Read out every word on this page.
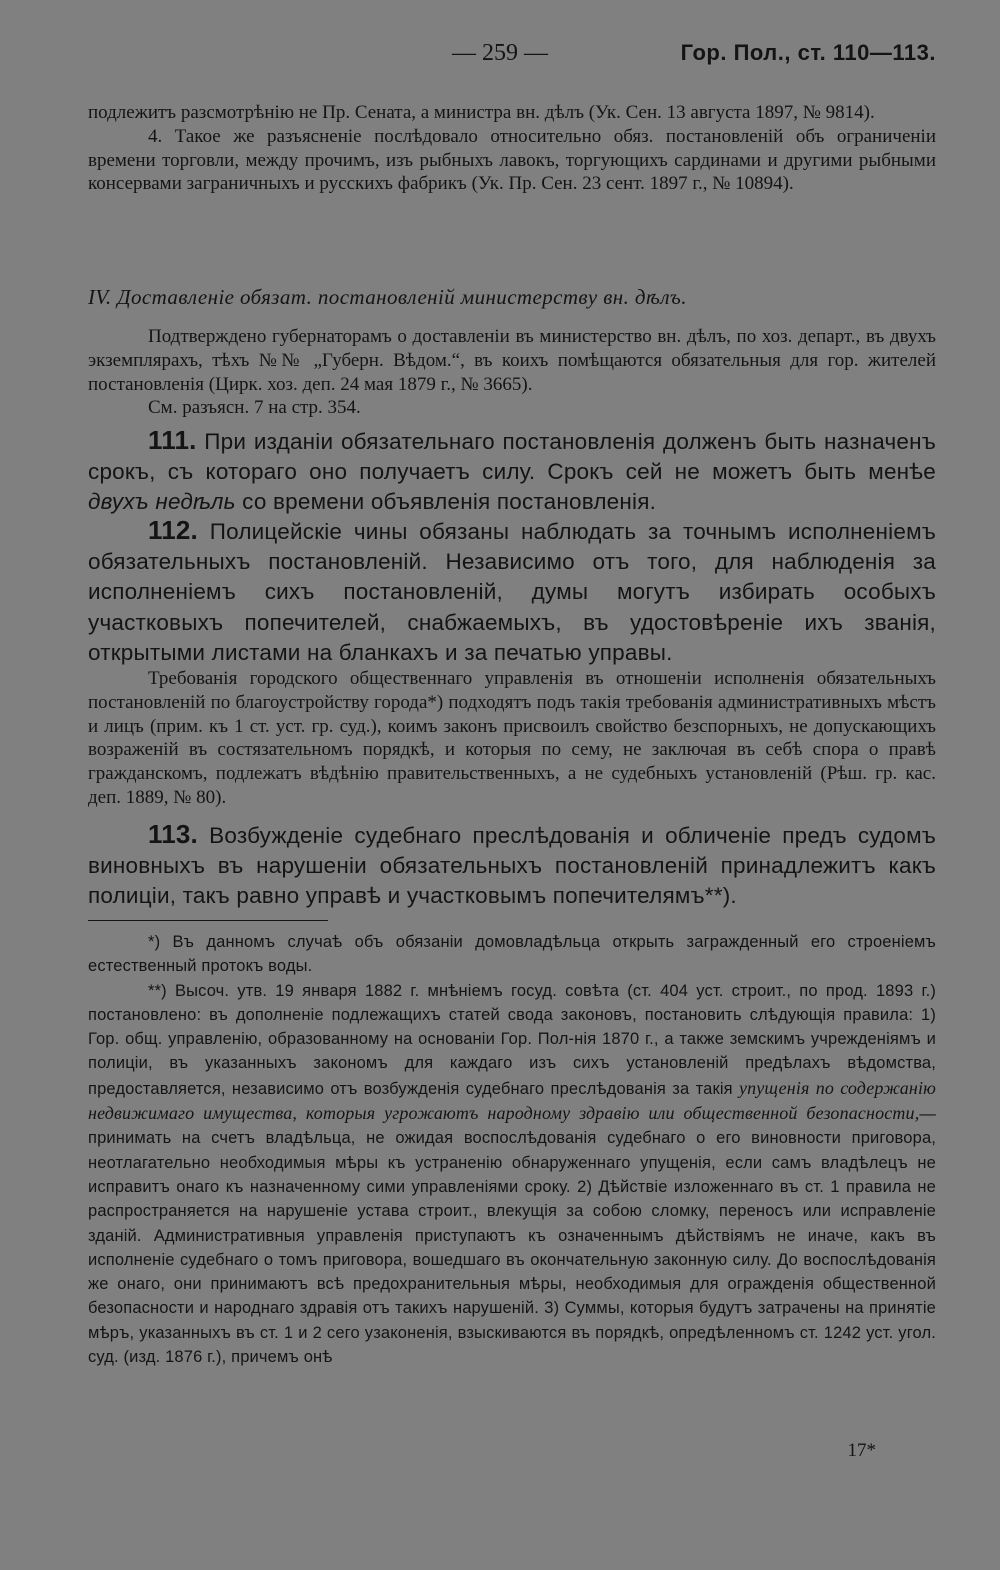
— 259 —	Гор. Пол., ст. 110—113.

подлежитъ разсмотрѣнію не Пр. Сената, а министра вн. дѣлъ (Ук. Сен. 13 августа 1897, № 9814).

4. Такое же разъясненіе послѣдовало относительно обяз. постановленій объ ограниченіи времени торговли, между прочимъ, изъ рыбныхъ лавокъ, торгующихъ сардинами и другими рыбными консервами заграничныхъ и русскихъ фабрикъ (Ук. Пр. Сен. 23 сент. 1897 г., № 10894).

IV. Доставленіе обязат. постановленій министерству вн. дѣлъ.

Подтверждено губернаторамъ о доставленіи въ министерство вн. дѣлъ, по хоз. департ., въ двухъ экземплярахъ, тѣхъ №№ „Губерн. Вѣдом.“, въ коихъ помѣщаются обязательныя для гор. жителей постановленія (Цирк. хоз. деп. 24 мая 1879 г., № 3665).

См. разъясн. 7 на стр. 354.

111. При изданіи обязательнаго постановленія долженъ быть назначенъ срокъ, съ котораго оно получаетъ силу. Срокъ сей не можетъ быть менѣе двухъ недѣль со времени объявленія постановленія.

112. Полицейскіе чины обязаны наблюдать за точнымъ исполненіемъ обязательныхъ постановленій. Независимо отъ того, для наблюденія за исполненіемъ сихъ постановленій, думы могутъ избирать особыхъ участковыхъ попечителей, снабжаемыхъ, въ удостовѣреніе ихъ званія, открытыми листами на бланкахъ и за печатью управы.

Требованія городского общественнаго управленія въ отношеніи исполненія обязательныхъ постановленій по благоустройству города*) подходятъ подъ такія требованія административныхъ мѣстъ и лицъ (прим. къ 1 ст. уст. гр. суд.), коимъ законъ присвоилъ свойство безспорныхъ, не допускающихъ возраженій въ состязательномъ порядкѣ, и которыя по сему, не заключая въ себѣ спора о правѣ гражданскомъ, подлежатъ вѣдѣнію правительственныхъ, а не судебныхъ установленій (Рѣш. гр. кас. деп. 1889, № 80).

113. Возбужденіе судебнаго преслѣдованія и обличеніе предъ судомъ виновныхъ въ нарушеніи обязательныхъ постановленій принадлежитъ какъ полиціи, такъ равно управѣ и участковымъ попечителямъ**).

*) Въ данномъ случаѣ объ обязаніи домовладѣльца открыть загражденный его строеніемъ естественный протокъ воды.

**) Высоч. утв. 19 января 1882 г. мнѣніемъ госуд. совѣта (ст. 404 уст. строит., по прод. 1893 г.) постановлено: въ дополненіе подлежащихъ статей свода законовъ, постановить слѣдующія правила: 1) Гор. общ. управленію, образованному на основаніи Гор. Пол-нія 1870 г., а также земскимъ учрежденіямъ и полиціи, въ указанныхъ закономъ для каждаго изъ сихъ установленій предѣлахъ вѣдомства, предоставляется, независимо отъ возбужденія судебнаго преслѣдованія за такія упущенія по содержанію недвижимаго имущества, которыя угрожаютъ народному здравію или общественной безопасности,— принимать на счетъ владѣльца, не ожидая воспослѣдованія судебнаго о его виновности приговора, неотлагательно необходимыя мѣры къ устраненію обнаруженнаго упущенія, если самъ владѣлецъ не исправитъ онаго къ назначенному сими управленіями сроку. 2) Дѣйствіе изложеннаго въ ст. 1 правила не распространяется на нарушеніе устава строит., влекущія за собою сломку, переносъ или исправленіе зданій. Административныя управленія приступаютъ къ означеннымъ дѣйствіямъ не иначе, какъ въ исполненіе судебнаго о томъ приговора, вошедшаго въ окончательную законную силу. До воспослѣдованія же онаго, они принимаютъ всѣ предохранительныя мѣры, необходимыя для огражденія общественной безопасности и народнаго здравія отъ такихъ нарушеній. 3) Суммы, которыя будутъ затрачены на принятіе мѣръ, указанныхъ въ ст. 1 и 2 сего узаконенія, взыскиваются въ порядкѣ, опредѣленномъ ст. 1242 уст. угол. суд. (изд. 1876 г.), причемъ онѣ

17*
